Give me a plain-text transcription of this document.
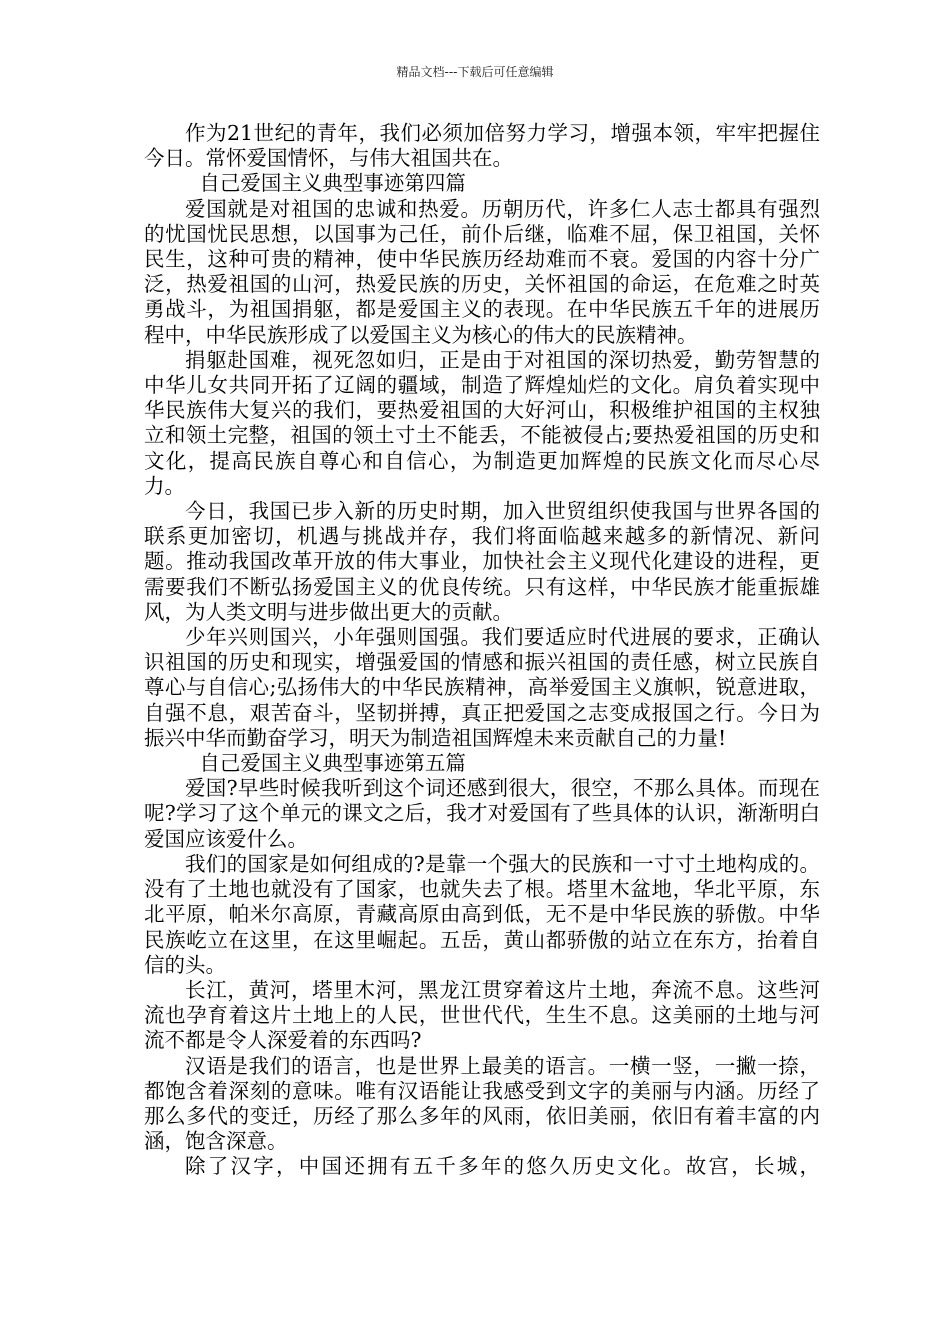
精品文档---下载后可任意编辑

作为21世纪的青年，我们必须加倍努力学习，增强本领，牢牢把握住今日。常怀爱国情怀，与伟大祖国共在。

自己爱国主义典型事迹第四篇

爱国就是对祖国的忠诚和热爱。历朝历代，许多仁人志士都具有强烈的忧国忧民思想，以国事为己任，前仆后继，临难不屈，保卫祖国，关怀民生，这种可贵的精神，使中华民族历经劫难而不衰。爱国的内容十分广泛，热爱祖国的山河，热爱民族的历史，关怀祖国的命运，在危难之时英勇战斗，为祖国捐躯，都是爱国主义的表现。在中华民族五千年的进展历程中，中华民族形成了以爱国主义为核心的伟大的民族精神。

捐躯赴国难，视死忽如归，正是由于对祖国的深切热爱，勤劳智慧的中华儿女共同开拓了辽阔的疆域，制造了辉煌灿烂的文化。肩负着实现中华民族伟大复兴的我们，要热爱祖国的大好河山，积极维护祖国的主权独立和领土完整，祖国的领土寸土不能丢，不能被侵占;要热爱祖国的历史和文化，提高民族自尊心和自信心，为制造更加辉煌的民族文化而尽心尽力。

今日，我国已步入新的历史时期，加入世贸组织使我国与世界各国的联系更加密切，机遇与挑战并存，我们将面临越来越多的新情况、新问题。推动我国改革开放的伟大事业，加快社会主义现代化建设的进程，更需要我们不断弘扬爱国主义的优良传统。只有这样，中华民族才能重振雄风，为人类文明与进步做出更大的贡献。

少年兴则国兴，小年强则国强。我们要适应时代进展的要求，正确认识祖国的历史和现实，增强爱国的情感和振兴祖国的责任感，树立民族自尊心与自信心;弘扬伟大的中华民族精神，高举爱国主义旗帜，锐意进取，自强不息，艰苦奋斗，坚韧拼搏，真正把爱国之志变成报国之行。今日为振兴中华而勤奋学习，明天为制造祖国辉煌未来贡献自己的力量!

自己爱国主义典型事迹第五篇

爱国?早些时候我听到这个词还感到很大，很空，不那么具体。而现在呢?学习了这个单元的课文之后，我才对爱国有了些具体的认识，渐渐明白爱国应该爱什么。

我们的国家是如何组成的?是靠一个强大的民族和一寸寸土地构成的。没有了土地也就没有了国家，也就失去了根。塔里木盆地，华北平原，东北平原，帕米尔高原，青藏高原由高到低，无不是中华民族的骄傲。中华民族屹立在这里，在这里崛起。五岳，黄山都骄傲的站立在东方，抬着自信的头。

长江，黄河，塔里木河，黑龙江贯穿着这片土地，奔流不息。这些河流也孕育着这片土地上的人民，世世代代，生生不息。这美丽的土地与河流不都是令人深爱着的东西吗?

汉语是我们的语言，也是世界上最美的语言。一横一竖，一撇一捺，都饱含着深刻的意味。唯有汉语能让我感受到文字的美丽与内涵。历经了那么多代的变迁，历经了那么多年的风雨，依旧美丽，依旧有着丰富的内涵，饱含深意。

除了汉字，中国还拥有五千多年的悠久历史文化。故宫，长城，
